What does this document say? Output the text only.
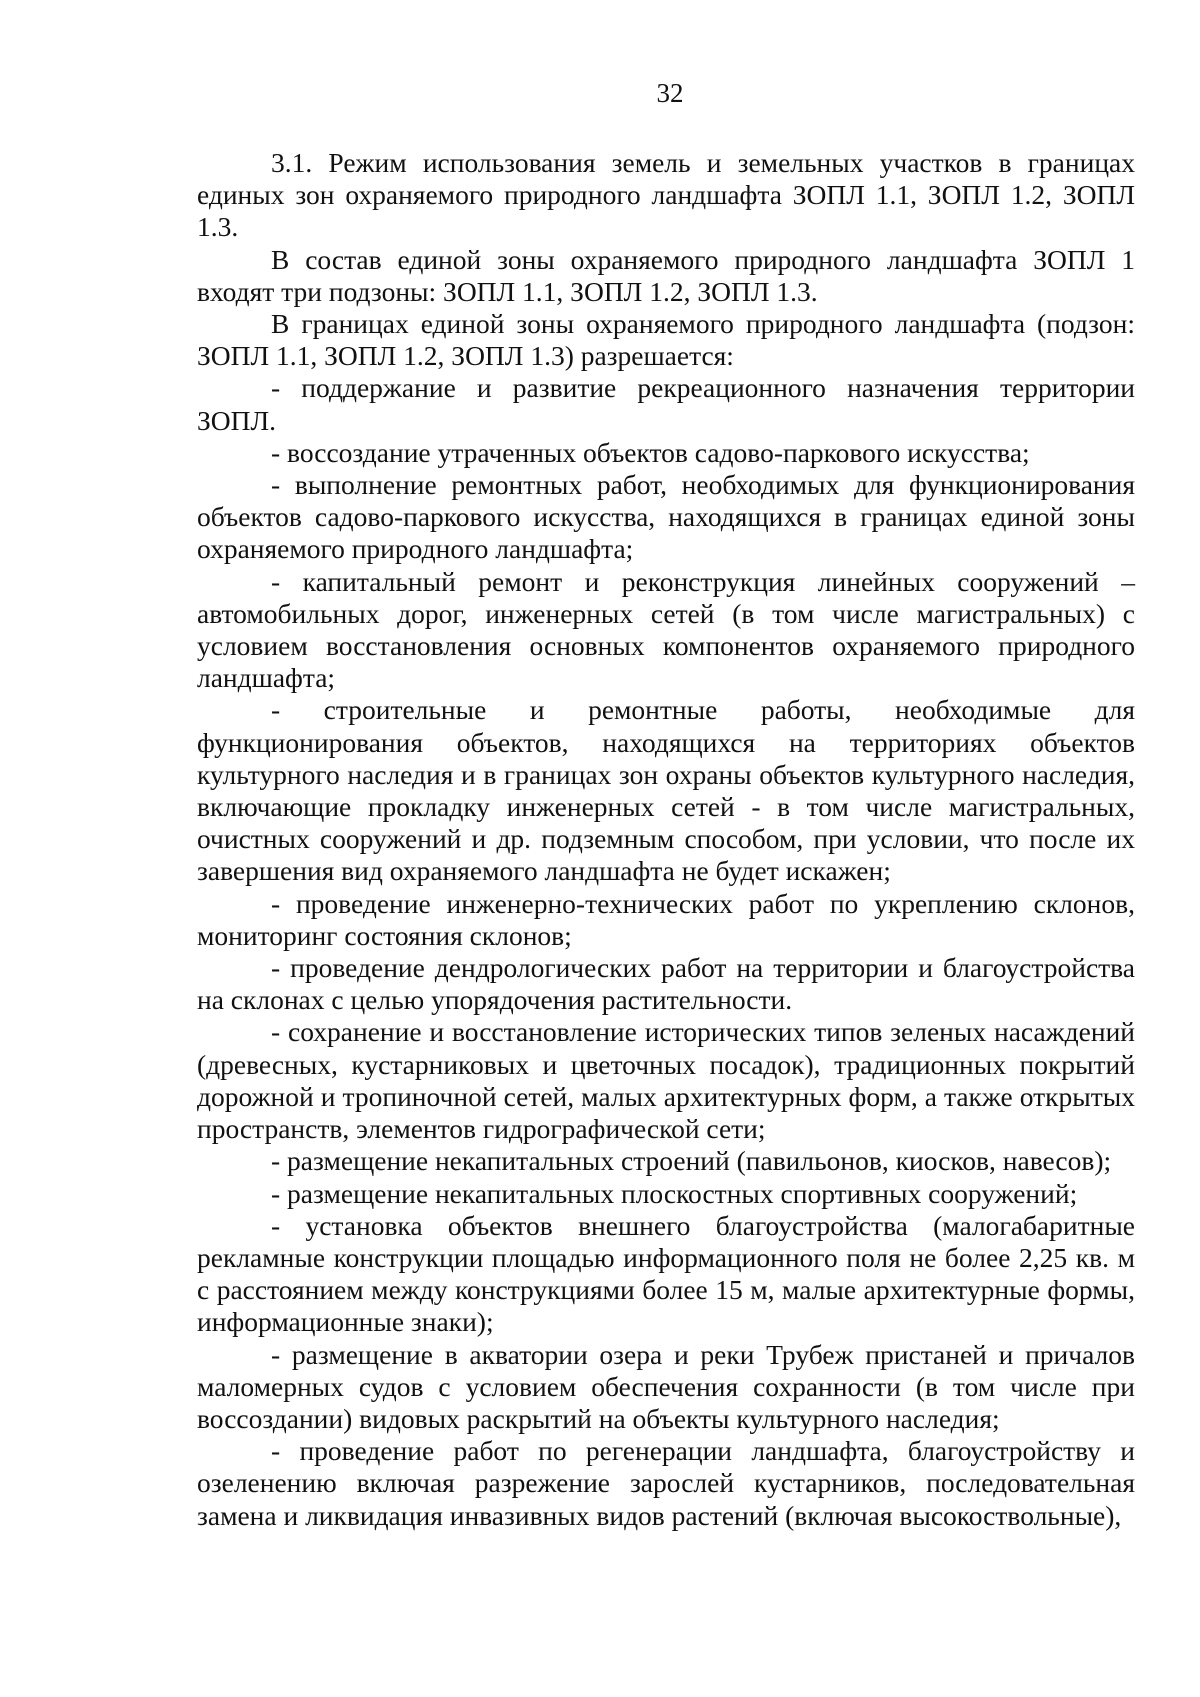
32

3.1. Режим использования земель и земельных участков в границах единых зон охраняемого природного ландшафта ЗОПЛ 1.1, ЗОПЛ 1.2, ЗОПЛ 1.3.

В состав единой зоны охраняемого природного ландшафта ЗОПЛ 1 входят три подзоны: ЗОПЛ 1.1, ЗОПЛ 1.2, ЗОПЛ 1.3.

В границах единой зоны охраняемого природного ландшафта (подзон: ЗОПЛ 1.1, ЗОПЛ 1.2, ЗОПЛ 1.3) разрешается:

- поддержание и развитие рекреационного назначения территории ЗОПЛ.

- воссоздание утраченных объектов садово-паркового искусства;

- выполнение ремонтных работ, необходимых для функционирования объектов садово-паркового искусства, находящихся в границах единой зоны охраняемого природного ландшафта;

- капитальный ремонт и реконструкция линейных сооружений – автомобильных дорог, инженерных сетей (в том числе магистральных) с условием восстановления основных компонентов охраняемого природного ландшафта;

- строительные и ремонтные работы, необходимые для функционирования объектов, находящихся на территориях объектов культурного наследия и в границах зон охраны объектов культурного наследия, включающие прокладку инженерных сетей - в том числе магистральных, очистных сооружений и др. подземным способом, при условии, что после их завершения вид охраняемого ландшафта не будет искажен;

- проведение инженерно-технических работ по укреплению склонов, мониторинг состояния склонов;

- проведение дендрологических работ на территории и благоустройства на склонах с целью упорядочения растительности.

- сохранение и восстановление исторических типов зеленых насаждений (древесных, кустарниковых и цветочных посадок), традиционных покрытий дорожной и тропиночной сетей, малых архитектурных форм, а также открытых пространств, элементов гидрографической сети;

- размещение некапитальных строений (павильонов, киосков, навесов);

- размещение некапитальных плоскостных спортивных сооружений;

- установка объектов внешнего благоустройства (малогабаритные рекламные конструкции площадью информационного поля не более 2,25 кв. м с расстоянием между конструкциями более 15 м, малые архитектурные формы, информационные знаки);

- размещение в акватории озера и реки Трубеж пристаней и причалов маломерных судов с условием обеспечения сохранности (в том числе при воссоздании) видовых раскрытий на объекты культурного наследия;

- проведение работ по регенерации ландшафта, благоустройству и озеленению включая разрежение зарослей кустарников, последовательная замена и ликвидация инвазивных видов растений (включая высокоствольные),
